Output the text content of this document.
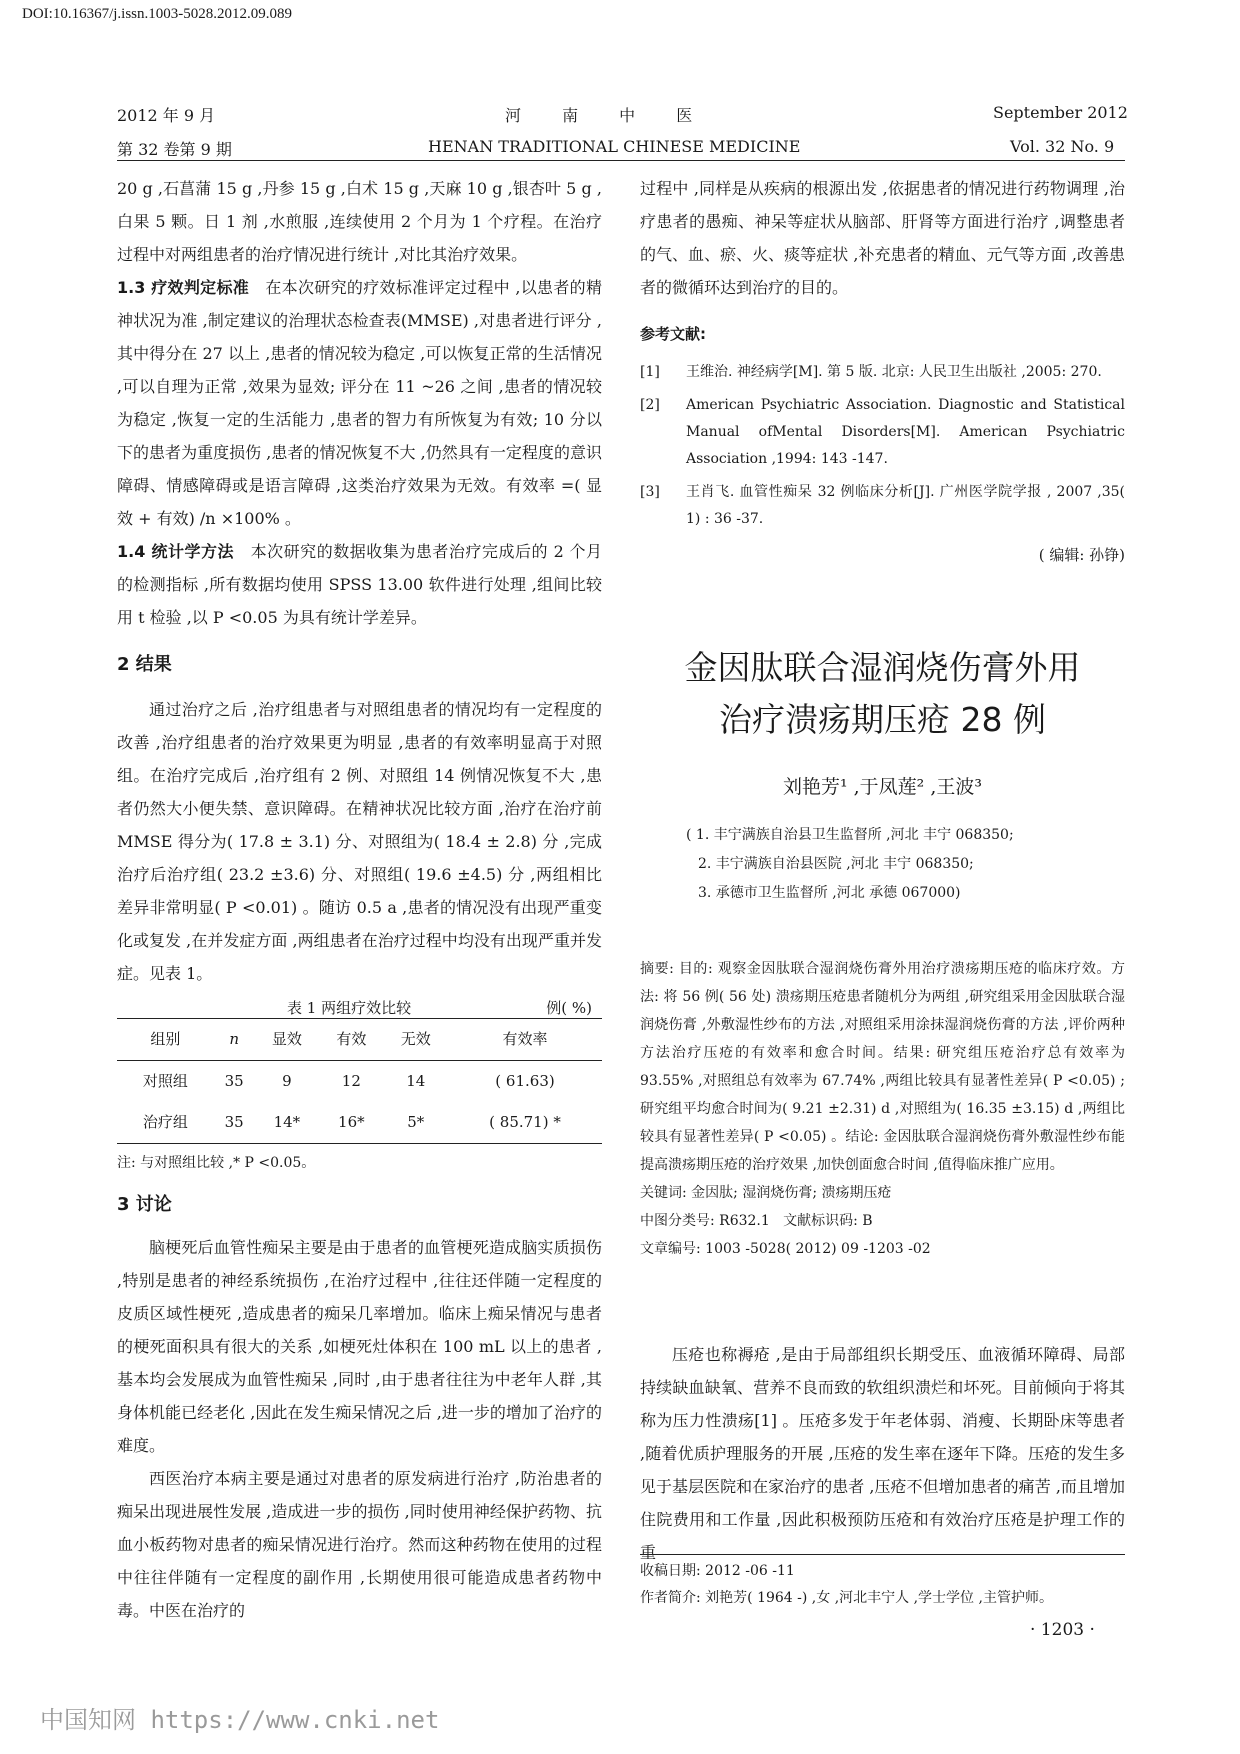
DOI:10.16367/j.issn.1003-5028.2012.09.089
2012 年 9 月	河 南 中 医	September 2012
第 32 卷第 9 期	HENAN TRADITIONAL CHINESE MEDICINE	Vol. 32 No. 9

20 g ,石菖蒲 15 g ,丹参 15 g ,白术 15 g ,天麻 10 g ,银杏叶 5 g , 白果 5 颗。日 1 剂 ,水煎服 ,连续使用 2 个月为 1 个疗程。在治疗过程中对两组患者的治疗情况进行统计 ,对比其治疗效果。

1.3 疗效判定标准  在本次研究的疗效标准评定过程中 ,以患者的精神状况为准 ,制定建议的治理状态检查表(MMSE) ,对患者进行评分 ,其中得分在 27 以上 ,患者的情况较为稳定 ,可以恢复正常的生活情况 ,可以自理为正常 ,效果为显效; 评分在 11 ~26 之间 ,患者的情况较为稳定 ,恢复一定的生活能力 ,患者的智力有所恢复为有效; 10 分以下的患者为重度损伤 ,患者的情况恢复不大 ,仍然具有一定程度的意识障碍、情感障碍或是语言障碍 ,这类治疗效果为无效。有效率 =( 显效 + 有效) /n ×100% 。

1.4 统计学方法  本次研究的数据收集为患者治疗完成后的 2 个月的检测指标 ,所有数据均使用 SPSS 13.00 软件进行处理 ,组间比较用 t 检验 ,以 P <0.05 为具有统计学差异。

2 结果

通过治疗之后 ,治疗组患者与对照组患者的情况均有一定程度的改善 ,治疗组患者的治疗效果更为明显 ,患者的有效率明显高于对照组。在治疗完成后 ,治疗组有 2 例、对照组 14 例情况恢复不大 ,患者仍然大小便失禁、意识障碍。在精神状况比较方面 ,治疗在治疗前 MMSE 得分为( 17.8 ± 3.1) 分、对照组为( 18.4 ± 2.8) 分 ,完成治疗后治疗组( 23.2 ±3.6) 分、对照组( 19.6 ±4.5) 分 ,两组相比差异非常明显( P <0.01) 。随访 0.5 a ,患者的情况没有出现严重变化或复发 ,在并发症方面 ,两组患者在治疗过程中均没有出现严重并发症。见表 1。

表 1 两组疗效比较	例( %)
组别	n	显效	有效	无效	有效率
对照组	35	9	12	14	( 61.63)
治疗组	35	14*	16*	5*	( 85.71) *

注: 与对照组比较 ,* P <0.05。

3 讨论

脑梗死后血管性痴呆主要是由于患者的血管梗死造成脑实质损伤 ,特别是患者的神经系统损伤 ,在治疗过程中 ,往往还伴随一定程度的皮质区域性梗死 ,造成患者的痴呆几率增加。临床上痴呆情况与患者的梗死面积具有很大的关系 ,如梗死灶体积在 100 mL 以上的患者 ,基本均会发展成为血管性痴呆 ,同时 ,由于患者往往为中老年人群 ,其身体机能已经老化 ,因此在发生痴呆情况之后 ,进一步的增加了治疗的难度。

西医治疗本病主要是通过对患者的原发病进行治疗 ,防治患者的痴呆出现进展性发展 ,造成进一步的损伤 ,同时使用神经保护药物、抗血小板药物对患者的痴呆情况进行治疗。然而这种药物在使用的过程中往往伴随有一定程度的副作用 ,长期使用很可能造成患者药物中毒。中医在治疗的

过程中 ,同样是从疾病的根源出发 ,依据患者的情况进行药物调理 ,治疗患者的愚痴、神呆等症状从脑部、肝肾等方面进行治疗 ,调整患者的气、血、瘀、火、痰等症状 ,补充患者的精血、元气等方面 ,改善患者的微循环达到治疗的目的。

参考文献:

[1]	王维治. 神经病学[M]. 第 5 版. 北京: 人民卫生出版社 ,2005: 270.
[2]	American Psychiatric Association. Diagnostic and Statistical Manual ofMental Disorders[M]. American Psychiatric Association ,1994: 143 -147.
[3]	王肖飞. 血管性痴呆 32 例临床分析[J]. 广州医学院学报 , 2007 ,35( 1) : 36 -37.

( 编辑: 孙铮)

金因肽联合湿润烧伤膏外用
治疗溃疡期压疮 28 例
刘艳芳¹ ,于凤莲² ,王波³
( 1. 丰宁满族自治县卫生监督所 ,河北 丰宁 068350;
2. 丰宁满族自治县医院 ,河北 丰宁 068350;
3. 承德市卫生监督所 ,河北 承德 067000)

摘要: 目的: 观察金因肽联合湿润烧伤膏外用治疗溃疡期压疮的临床疗效。方法: 将 56 例( 56 处) 溃疡期压疮患者随机分为两组 ,研究组采用金因肽联合湿润烧伤膏 ,外敷湿性纱布的方法 ,对照组采用涂抹湿润烧伤膏的方法 ,评价两种方法治疗压疮的有效率和愈合时间。结果: 研究组压疮治疗总有效率为 93.55% ,对照组总有效率为 67.74% ,两组比较具有显著性差异( P <0.05) ; 研究组平均愈合时间为( 9.21 ±2.31) d ,对照组为( 16.35 ±3.15) d ,两组比较具有显著性差异( P <0.05) 。结论: 金因肽联合湿润烧伤膏外敷湿性纱布能提高溃疡期压疮的治疗效果 ,加快创面愈合时间 ,值得临床推广应用。

关键词: 金因肽; 湿润烧伤膏; 溃疡期压疮

中图分类号: R632.1   文献标识码: B

文章编号: 1003 -5028( 2012) 09 -1203 -02

压疮也称褥疮 ,是由于局部组织长期受压、血液循环障碍、局部持续缺血缺氧、营养不良而致的软组织溃烂和坏死。目前倾向于将其称为压力性溃疡[1] 。压疮多发于年老体弱、消瘦、长期卧床等患者 ,随着优质护理服务的开展 ,压疮的发生率在逐年下降。压疮的发生多见于基层医院和在家治疗的患者 ,压疮不但增加患者的痛苦 ,而且增加住院费用和工作量 ,因此积极预防压疮和有效治疗压疮是护理工作的重

收稿日期: 2012 -06 -11
作者简介: 刘艳芳( 1964 -) ,女 ,河北丰宁人 ,学士学位 ,主管护师。
· 1203 ·
中国知网 https://www.cnki.net
